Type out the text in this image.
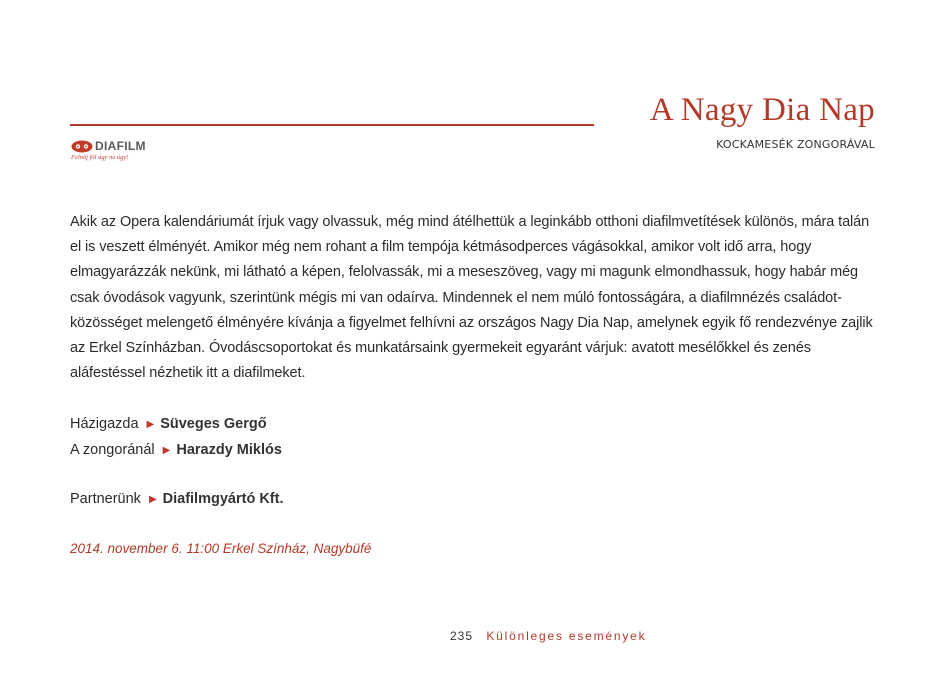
A Nagy Dia Nap
KOCKAMESÉK ZONGORÁVAL
DIAFILM
Felnőj föl úgy ne úgy!

Akik az Opera kalendáriumát írjuk vagy olvassuk, még mind átélhettük a leginkább otthoni diafilmvetítések különös, mára talán el is veszett élményét. Amikor még nem rohant a film tempója kétmásodperces vágásokkal, amikor volt idő arra, hogy elmagyarázzák nekünk, mi látható a képen, felolvassák, mi a meseszöveg, vagy mi magunk elmondhassuk, hogy habár még csak óvodások vagyunk, szerintünk mégis mi van odaírva. Mindennek el nem múló fontosságára, a diafilmnézés családot-közösséget melengető élményére kívánja a figyelmet felhívni az országos Nagy Dia Nap, amelynek egyik fő rendezvénye zajlik az Erkel Színházban. Óvodáscsoportokat és munkatársaink gyermekeit egyaránt várjuk: avatott mesélőkkel és zenés aláfestéssel nézhetik itt a diafilmeket.

Házigazda ▶ Süveges Gergő
A zongoránál ▶ Harazdy Miklós
Partnerünk ▶ Diafilmgyártó Kft.
2014. november 6. 11:00 Erkel Színház, Nagybüfé
235 Különleges események
